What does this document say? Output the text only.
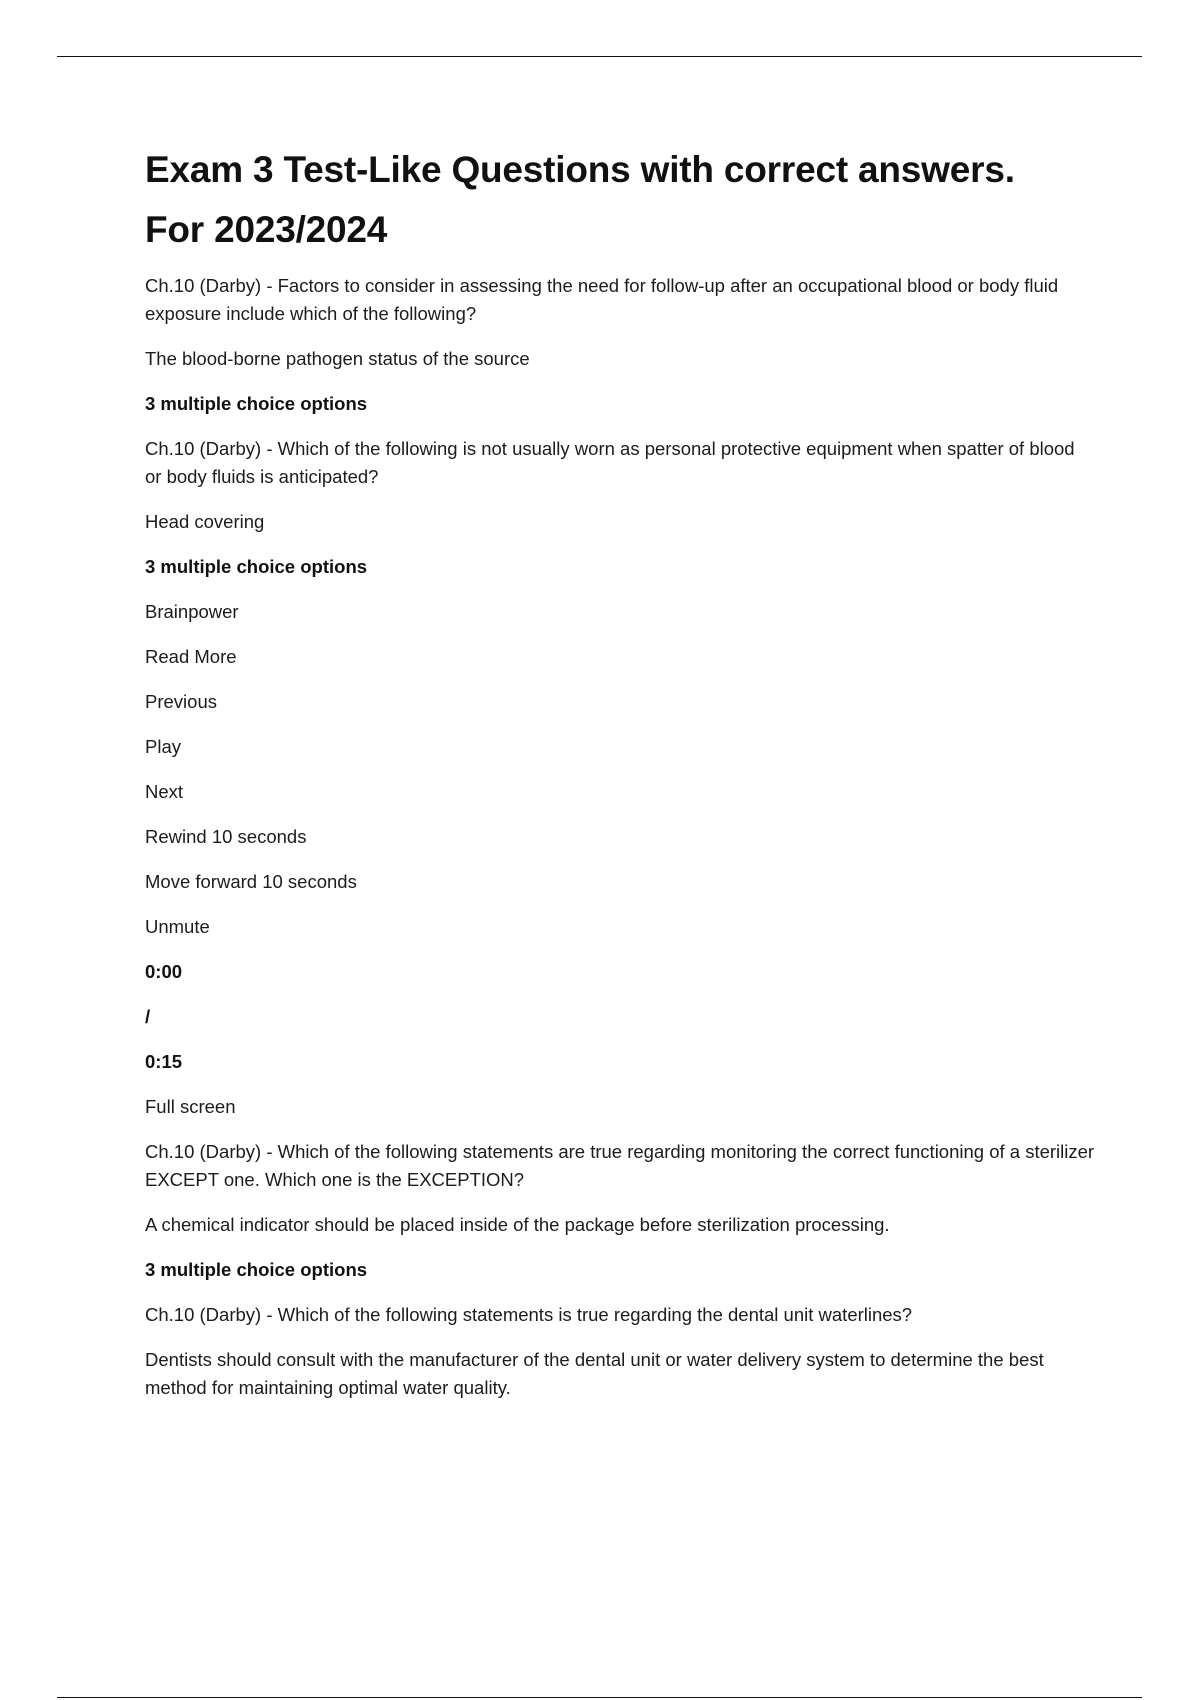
Exam 3 Test-Like Questions with correct answers.
For 2023/2024
Ch.10 (Darby) - Factors to consider in assessing the need for follow-up after an occupational blood or body fluid exposure include which of the following?
The blood-borne pathogen status of the source
3 multiple choice options
Ch.10 (Darby) - Which of the following is not usually worn as personal protective equipment when spatter of blood or body fluids is anticipated?
Head covering
3 multiple choice options
Brainpower
Read More
Previous
Play
Next
Rewind 10 seconds
Move forward 10 seconds
Unmute
0:00
/
0:15
Full screen
Ch.10 (Darby) - Which of the following statements are true regarding monitoring the correct functioning of a sterilizer EXCEPT one. Which one is the EXCEPTION?
A chemical indicator should be placed inside of the package before sterilization processing.
3 multiple choice options
Ch.10 (Darby) - Which of the following statements is true regarding the dental unit waterlines?
Dentists should consult with the manufacturer of the dental unit or water delivery system to determine the best method for maintaining optimal water quality.
